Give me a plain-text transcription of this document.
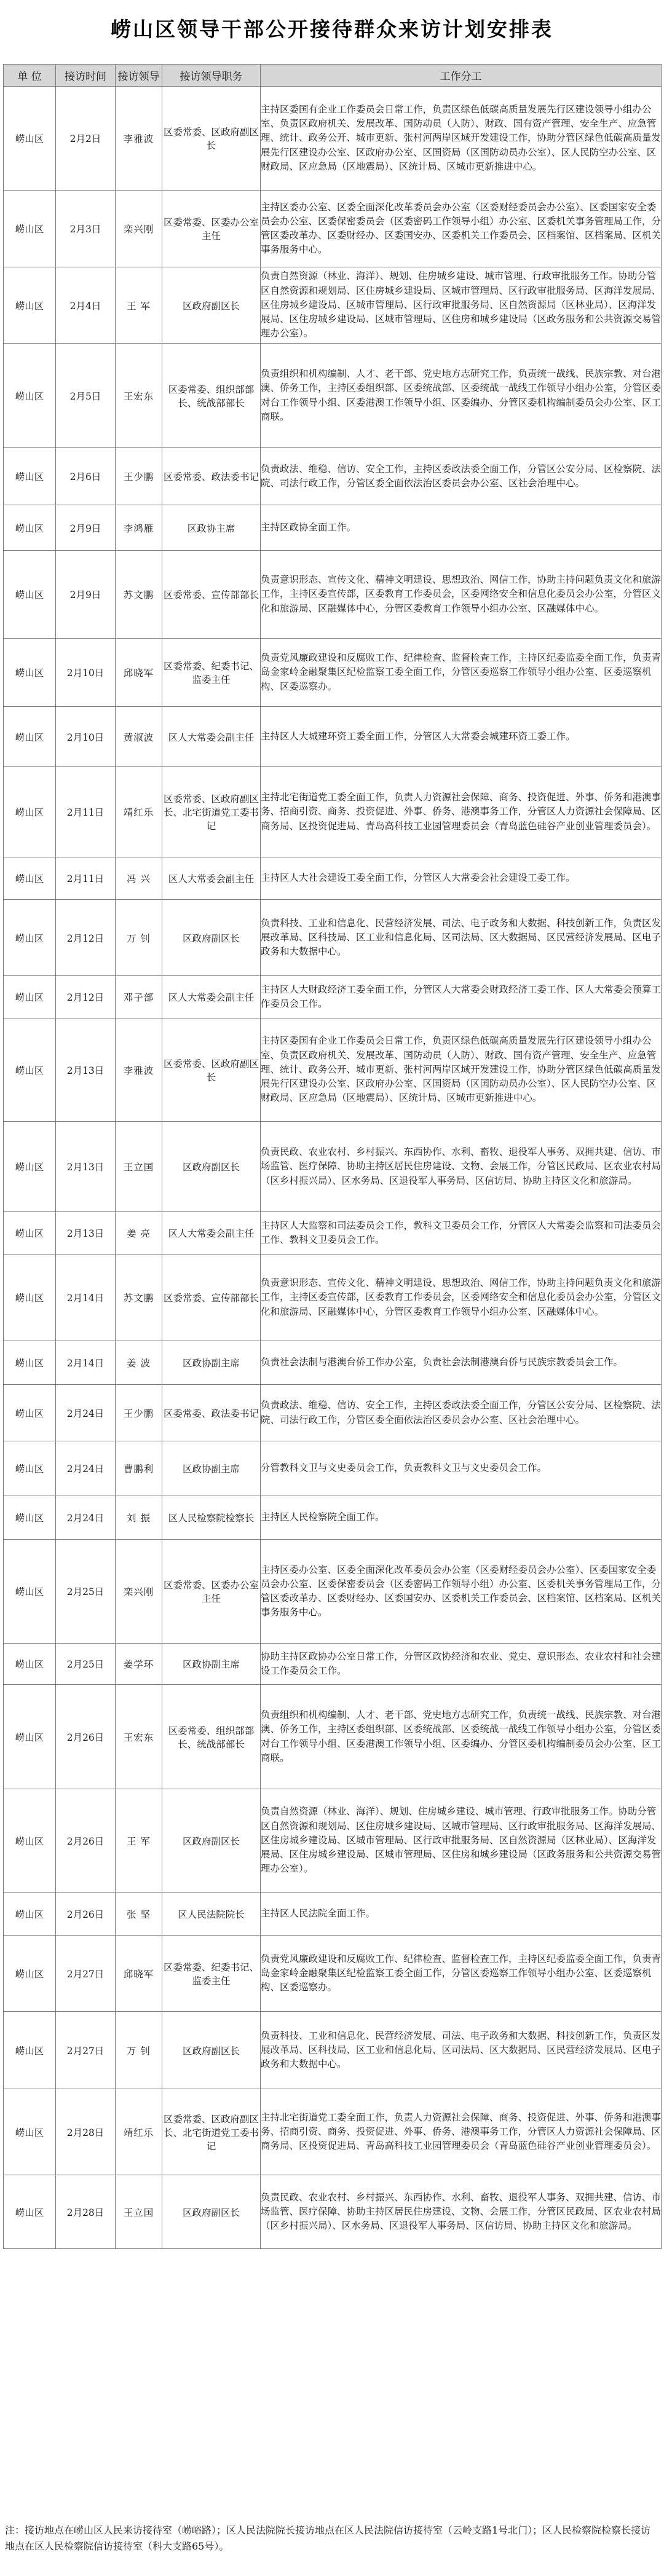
崂山区领导干部公开接待群众来访计划安排表
单 位	接访时间	接访领导	接访领导职务	工作分工
崂山区	2月2日	李雅波	区委常委、区政府副区长	主持区委国有企业工作委员会日常工作，负责区绿色低碳高质量发展先行区建设领导小组办公室、负责区政府机关、发展改革、国防动员（人防）、财政、国有资产管理、安全生产、应急管理、统计、政务公开、城市更新、张村河两岸区域开发建设工作，协助分管区绿色低碳高质量发展先行区建设办公室、区政府办公室、区国资局（区国防动员办公室）、区人民防空办公室、区财政局、区应急局（区地震局）、区统计局、区城市更新推进中心。
崂山区	2月3日	栾兴刚	区委常委、区委办公室主任	主持区委办公室、区委全面深化改革委员会办公室（区委财经委员会办公室）、区委国家安全委员会办公室、区委保密委员会（区委密码工作领导小组）办公室、区委机关事务管理局工作，分管区委改革办、区委财经办、区委国安办、区委机关工作委员会、区档案馆、区档案局、区机关事务服务中心。
崂山区	2月4日	王 军	区政府副区长	负责自然资源（林业、海洋）、规划、住房城乡建设、城市管理、行政审批服务工作。协助分管区自然资源和规划局、区住房城乡建设局、区城市管理局、区行政审批服务局、区海洋发展局、区住房城乡建设局、区城市管理局、区行政审批服务局、区自然资源局（区林业局）、区海洋发展局、区住房城乡建设局、区城市管理局、区住房和城乡建设局（区政务服务和公共资源交易管理办公室）。
崂山区	2月5日	王宏东	区委常委、组织部部长、统战部部长	负责组织和机构编制、人才、老干部、党史地方志研究工作，负责统一战线、民族宗教、对台港澳、侨务工作，主持区委组织部、区委统战部、区委统战一战线工作领导小组办公室，分管区委对台工作领导小组、区委港澳工作领导小组、区委编办、分管区委机构编制委员会办公室、区工商联。
崂山区	2月6日	王少鹏	区委常委、政法委书记	负责政法、维稳、信访、安全工作，主持区委政法委全面工作，分管区公安分局、区检察院、法院、司法行政工作，分管区委全面依法治区委员会办公室、区社会治理中心。
崂山区	2月9日	李鸿雁	区政协主席	主持区政协全面工作。
崂山区	2月9日	苏文鹏	区委常委、宣传部部长	负责意识形态、宣传文化、精神文明建设、思想政治、网信工作，协助主持问题负责文化和旅游工作，主持区委宣传部，区委教育工作委员会，区委网络安全和信息化委员会办公室，分管区文化和旅游局、区融媒体中心，分管区委教育工作领导小组办公室、区融媒体中心。
崂山区	2月10日	邱晓军	区委常委、纪委书记、监委主任	负责党风廉政建设和反腐败工作、纪律检查、监督检查工作，主持区纪委监委全面工作，负责青岛金家岭金融聚集区纪检监察工委全面工作，分管区委巡察工作领导小组办公室、区委巡察机构、区委巡察办。
崂山区	2月10日	黄淑波	区人大常委会副主任	主持区人大城建环资工委全面工作，分管区人大常委会城建环资工委工作。
崂山区	2月11日	靖红乐	区委常委、区政府副区长、北宅街道党工委书记	主持北宅街道党工委全面工作，负责人力资源社会保障、商务、投资促进、外事、侨务和港澳事务、招商引资、商务、投资促进、外事、侨务、港澳事务工作，分管区人力资源社会保障局、区商务局、区投资促进局、青岛高科技工业园管理委员会（青岛蓝色硅谷产业创业管理委员会）。
崂山区	2月11日	冯 兴	区人大常委会副主任	主持区人大社会建设工委全面工作，分管区人大常委会社会建设工委工作。
崂山区	2月12日	万 钊	区政府副区长	负责科技、工业和信息化、民营经济发展、司法、电子政务和大数据、科技创新工作，负责区发展改革局、区科技局、区工业和信息化局、区司法局、区大数据局、区民营经济发展局、区电子政务和大数据中心。
崂山区	2月12日	邓子部	区人大常委会副主任	主持区人大财政经济工委全面工作，分管区人大常委会财政经济工委工作、区人大常委会预算工作委员会工作。
崂山区	2月13日	李雅波	区委常委、区政府副区长	主持区委国有企业工作委员会日常工作，负责区绿色低碳高质量发展先行区建设领导小组办公室、负责区政府机关、发展改革、国防动员（人防）、财政、国有资产管理、安全生产、应急管理、统计、政务公开、城市更新、张村河两岸区域开发建设工作，协助分管区绿色低碳高质量发展先行区建设办公室、区政府办公室、区国资局（区国防动员办公室）、区人民防空办公室、区财政局、区应急局（区地震局）、区统计局、区城市更新推进中心。
崂山区	2月13日	王立国	区政府副区长	负责民政、农业农村、乡村振兴、东西协作、水利、畜牧、退役军人事务、双拥共建、信访、市场监管、医疗保障、协助主持区居民住房建设、文物、会展工作，分管区民政局、区农业农村局（区乡村振兴局）、区水务局、区退役军人事务局、区信访局、协助主持区文化和旅游局。
崂山区	2月13日	姜 亮	区人大常委会副主任	主持区人大监察和司法委员会工作，教科文卫委员会工作，分管区人大常委会监察和司法委员会工作、教科文卫委员会工作。
崂山区	2月14日	苏文鹏	区委常委、宣传部部长	负责意识形态、宣传文化、精神文明建设、思想政治、网信工作，协助主持问题负责文化和旅游工作，主持区委宣传部，区委教育工作委员会，区委网络安全和信息化委员会办公室，分管区文化和旅游局、区融媒体中心，分管区委教育工作领导小组办公室、区融媒体中心。
崂山区	2月14日	姜 波	区政协副主席	负责社会法制与港澳台侨工作办公室，负责社会法制港澳台侨与民族宗教委员会工作。
崂山区	2月24日	王少鹏	区委常委、政法委书记	负责政法、维稳、信访、安全工作，主持区委政法委全面工作，分管区公安分局、区检察院、法院、司法行政工作，分管区委全面依法治区委员会办公室、区社会治理中心。
崂山区	2月24日	曹鹏利	区政协副主席	分管教科文卫与文史委员会工作，负责教科文卫与文史委员会工作。
崂山区	2月24日	刘 振	区人民检察院检察长	主持区人民检察院全面工作。
崂山区	2月25日	栾兴刚	区委常委、区委办公室主任	主持区委办公室、区委全面深化改革委员会办公室（区委财经委员会办公室）、区委国家安全委员会办公室、区委保密委员会（区委密码工作领导小组）办公室、区委机关事务管理局工作，分管区委改革办、区委财经办、区委国安办、区委机关工作委员会、区档案馆、区档案局、区机关事务服务中心。
崂山区	2月25日	姜学环	区政协副主席	协助主持区政协办公室日常工作，分管区政协经济和农业、党史、意识形态、农业农村和社会建设工作委员会工作。
崂山区	2月26日	王宏东	区委常委、组织部部长、统战部部长	负责组织和机构编制、人才、老干部、党史地方志研究工作，负责统一战线、民族宗教、对台港澳、侨务工作，主持区委组织部、区委统战部、区委统战一战线工作领导小组办公室，分管区委对台工作领导小组、区委港澳工作领导小组、区委编办、分管区委机构编制委员会办公室、区工商联。
崂山区	2月26日	王 军	区政府副区长	负责自然资源（林业、海洋）、规划、住房城乡建设、城市管理、行政审批服务工作。协助分管区自然资源和规划局、区住房城乡建设局、区城市管理局、区行政审批服务局、区海洋发展局、区住房城乡建设局、区城市管理局、区行政审批服务局、区自然资源局（区林业局）、区海洋发展局、区住房城乡建设局、区城市管理局、区住房和城乡建设局（区政务服务和公共资源交易管理办公室）。
崂山区	2月26日	张 坚	区人民法院院长	主持区人民法院全面工作。
崂山区	2月27日	邱晓军	区委常委、纪委书记、监委主任	负责党风廉政建设和反腐败工作、纪律检查、监督检查工作，主持区纪委监委全面工作，负责青岛金家岭金融聚集区纪检监察工委全面工作，分管区委巡察工作领导小组办公室、区委巡察机构、区委巡察办。
崂山区	2月27日	万 钊	区政府副区长	负责科技、工业和信息化、民营经济发展、司法、电子政务和大数据、科技创新工作，负责区发展改革局、区科技局、区工业和信息化局、区司法局、区大数据局、区民营经济发展局、区电子政务和大数据中心。
崂山区	2月28日	靖红乐	区委常委、区政府副区长、北宅街道党工委书记	主持北宅街道党工委全面工作，负责人力资源社会保障、商务、投资促进、外事、侨务和港澳事务、招商引资、商务、投资促进、外事、侨务、港澳事务工作，分管区人力资源社会保障局、区商务局、区投资促进局、青岛高科技工业园管理委员会（青岛蓝色硅谷产业创业管理委员会）。
崂山区	2月28日	王立国	区政府副区长	负责民政、农业农村、乡村振兴、东西协作、水利、畜牧、退役军人事务、双拥共建、信访、市场监管、医疗保障、协助主持区居民住房建设、文物、会展工作，分管区民政局、区农业农村局（区乡村振兴局）、区水务局、区退役军人事务局、区信访局、协助主持区文化和旅游局。
注：接访地点在崂山区人民来访接待室（崂峪路）；区人民法院院长接访地点在区人民法院信访接待室（云岭支路1号北门）；区人民检察院检察长接访地点在区人民检察院信访接待室（科大支路65号）。
